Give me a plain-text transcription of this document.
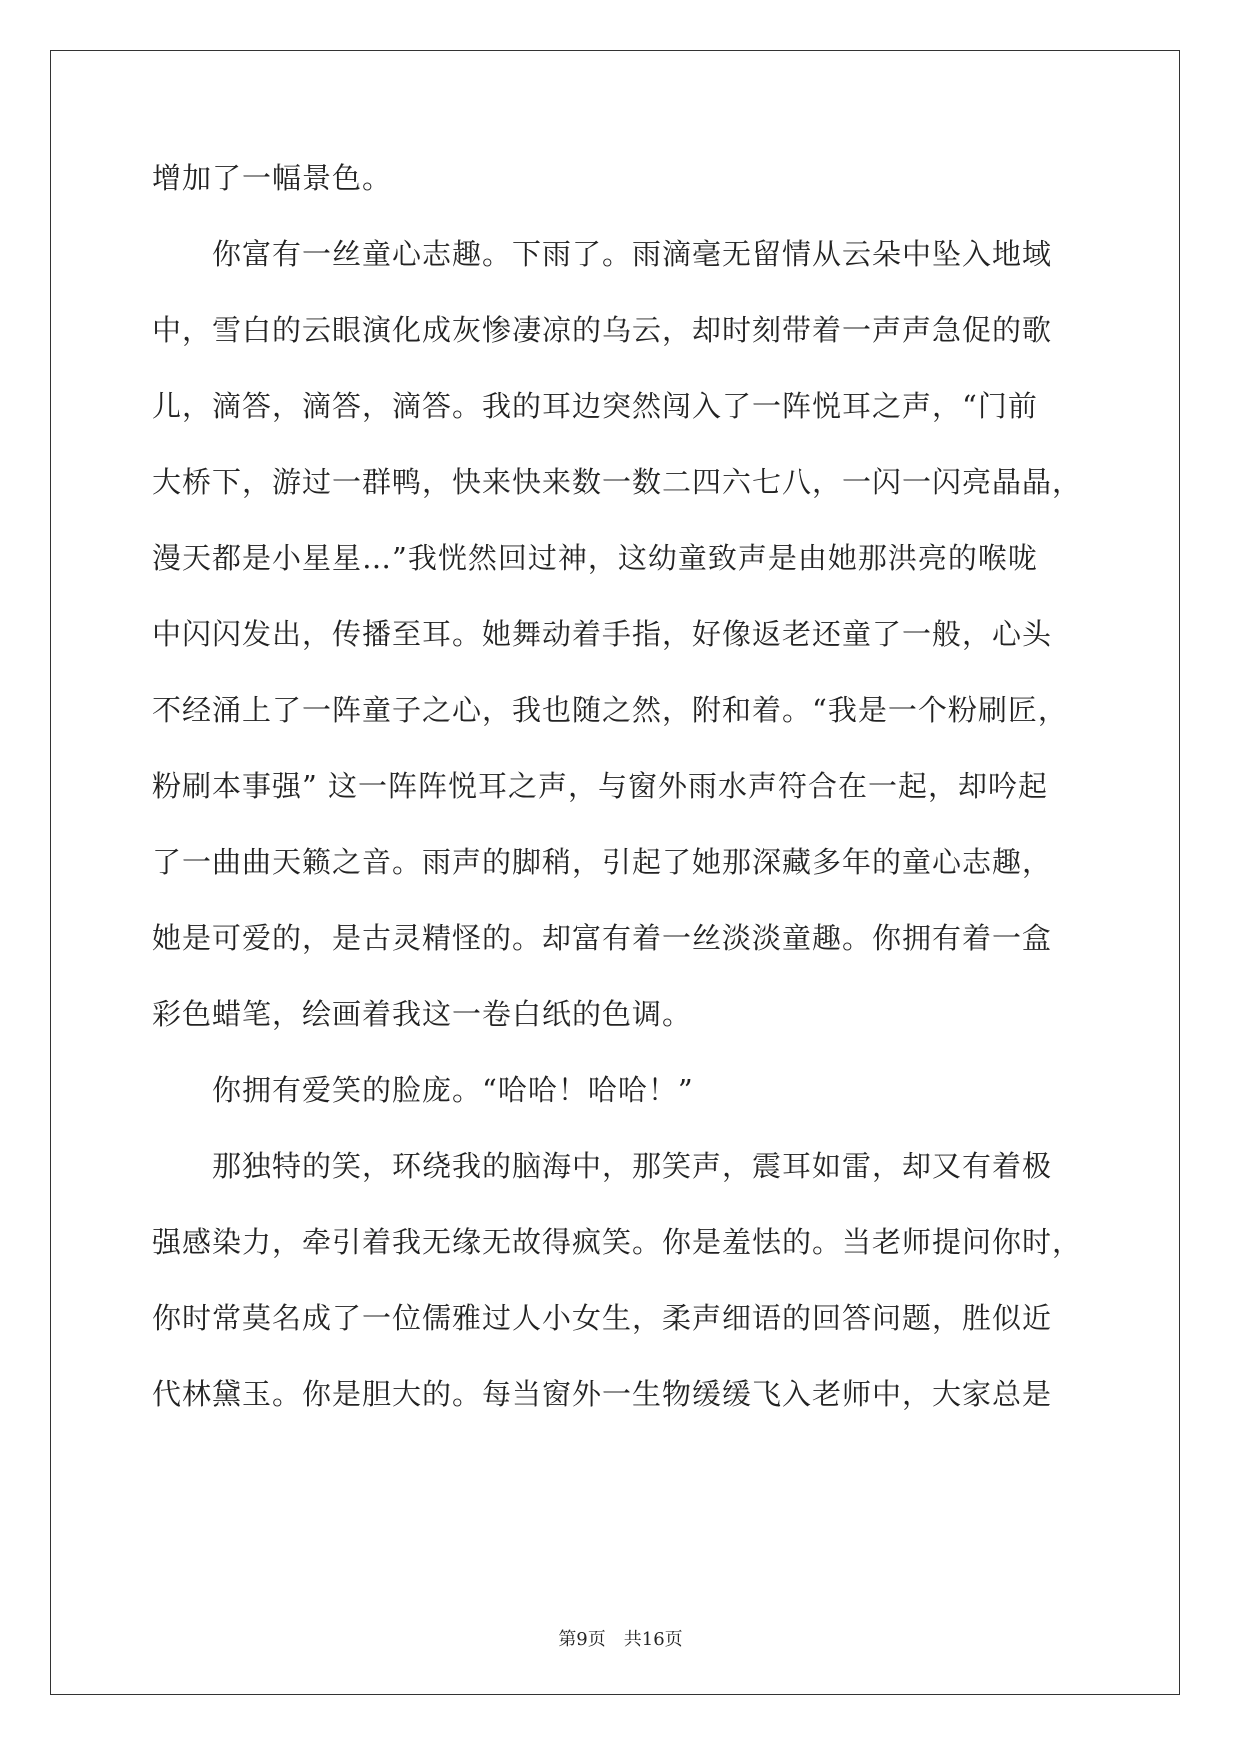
增加了一幅景色。
　　你富有一丝童心志趣。下雨了。雨滴毫无留情从云朵中坠入地域
中，雪白的云眼演化成灰惨凄凉的乌云，却时刻带着一声声急促的歌
儿，滴答，滴答，滴答。我的耳边突然闯入了一阵悦耳之声，“门前
大桥下，游过一群鸭，快来快来数一数二四六七八，一闪一闪亮晶晶，
漫天都是小星星…”我恍然回过神，这幼童致声是由她那洪亮的喉咙
中闪闪发出，传播至耳。她舞动着手指，好像返老还童了一般，心头
不经涌上了一阵童子之心，我也随之然，附和着。“我是一个粉刷匠，
粉刷本事强” 这一阵阵悦耳之声，与窗外雨水声符合在一起，却吟起
了一曲曲天籁之音。雨声的脚稍，引起了她那深藏多年的童心志趣，
她是可爱的，是古灵精怪的。却富有着一丝淡淡童趣。你拥有着一盒
彩色蜡笔，绘画着我这一卷白纸的色调。
　　你拥有爱笑的脸庞。“哈哈！哈哈！”
　　那独特的笑，环绕我的脑海中，那笑声，震耳如雷，却又有着极
强感染力，牵引着我无缘无故得疯笑。你是羞怯的。当老师提问你时，
你时常莫名成了一位儒雅过人小女生，柔声细语的回答问题，胜似近
代林黛玉。你是胆大的。每当窗外一生物缓缓飞入老师中，大家总是
第9页　共16页
